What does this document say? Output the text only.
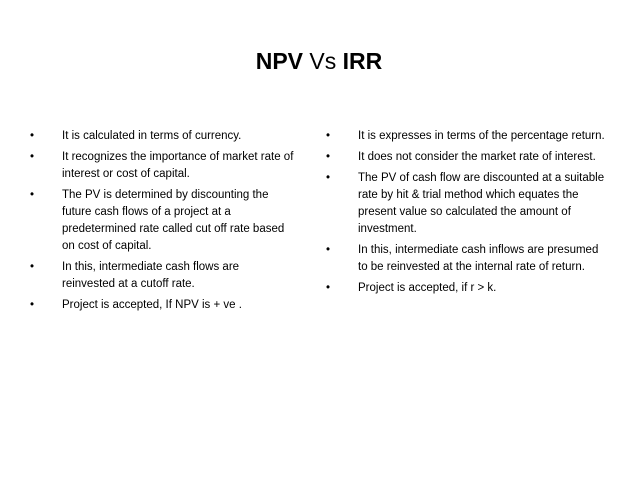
NPV Vs IRR
•	It is calculated in terms of currency.
•	It recognizes the importance of market rate of interest or cost of capital.
•	The PV is determined by discounting the future cash flows of a project at a predetermined rate called cut off rate based on cost of capital.
•	In this, intermediate cash flows are reinvested at a cutoff rate.
•	Project is accepted, If NPV is + ve .
•	It is expresses in terms of the percentage return.
•	It does not consider the market rate of interest.
•	The PV of cash flow are discounted at a suitable rate by hit & trial method which equates the present value so calculated the amount of investment.
•	In this, intermediate cash inflows are presumed to be reinvested at the internal rate of return.
•	Project is accepted, if r > k.
